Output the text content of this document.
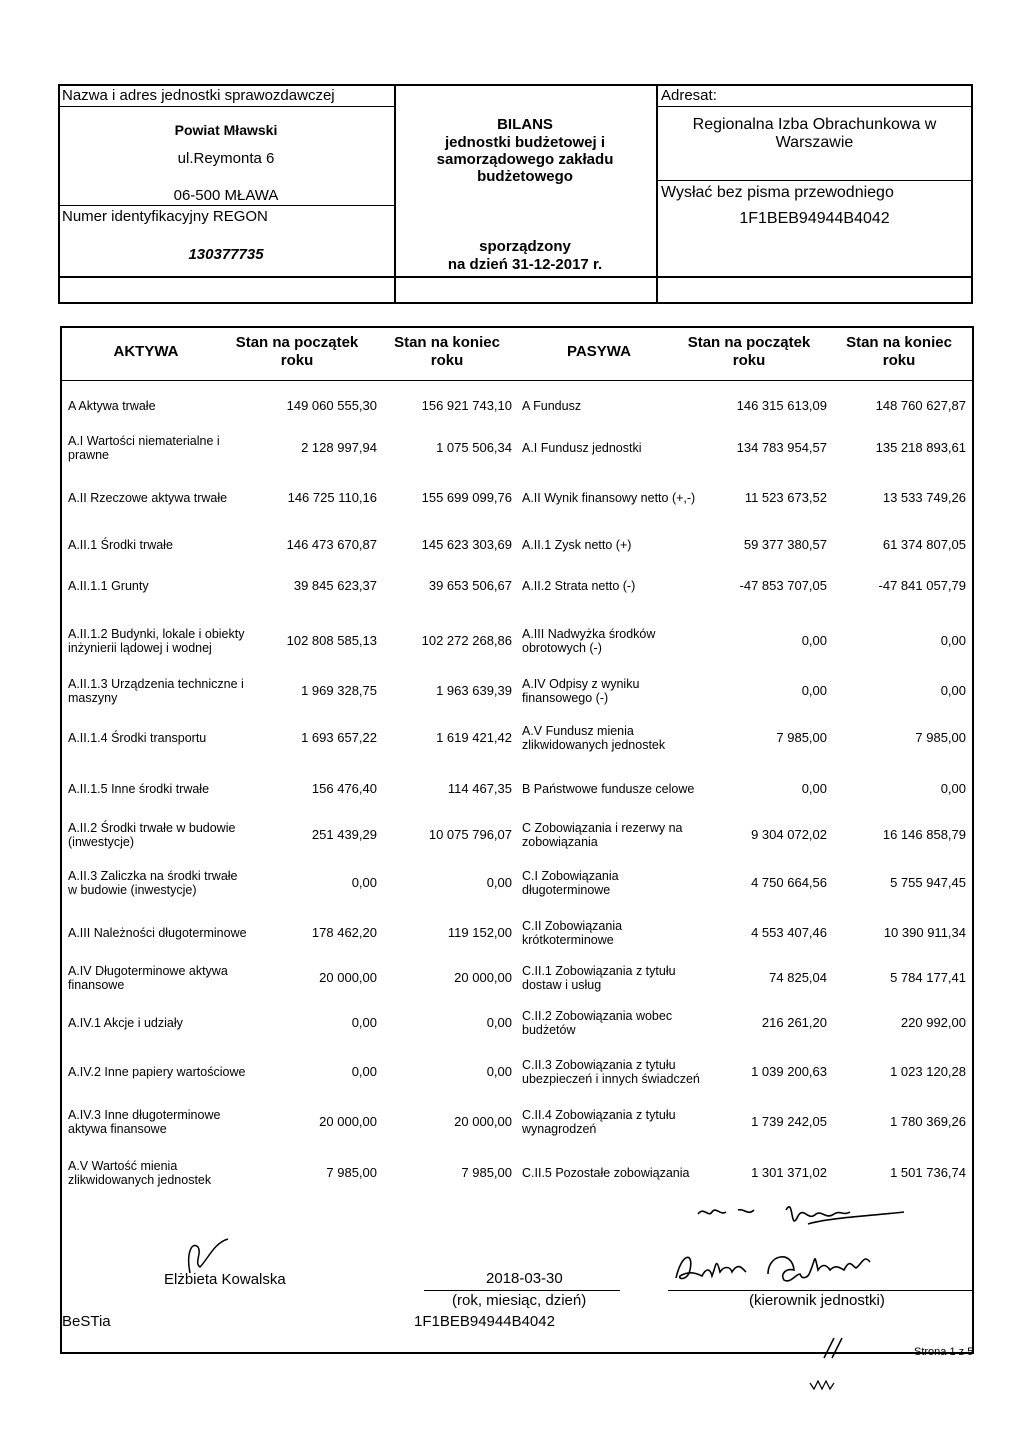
Nazwa i adres jednostki sprawozdawczej
Powiat Mławski
ul.Reymonta 6
06-500 MŁAWA
Numer identyfikacyjny REGON
130377735
BILANS
jednostki budżetowej i
samorządowego zakładu
budżetowego
sporządzony
na dzień 31-12-2017 r.
Adresat:
Regionalna Izba Obrachunkowa w
Warszawie
Wysłać bez pisma przewodniego
1F1BEB94944B4042
AKTYWA
Stan na początek
roku
Stan na koniec
roku
PASYWA
Stan na początek
roku
Stan na koniec
roku
A Aktywa trwałe	149 060 555,30	156 921 743,10 A Fundusz	146 315 613,09	148 760 627,87
A.I Wartości niematerialne i prawne	2 128 997,94	1 075 506,34 A.I Fundusz jednostki	134 783 954,57	135 218 893,61
A.II Rzeczowe aktywa trwałe	146 725 110,16	155 699 099,76 A.II Wynik finansowy netto (+,-)	11 523 673,52	13 533 749,26
A.II.1 Środki trwałe	146 473 670,87	145 623 303,69 A.II.1 Zysk netto (+)	59 377 380,57	61 374 807,05
A.II.1.1 Grunty	39 845 623,37	39 653 506,67 A.II.2 Strata netto (-)	-47 853 707,05	-47 841 057,79
A.II.1.2 Budynki, lokale i obiekty inżynierii lądowej i wodnej	102 808 585,13	102 272 268,86 A.III Nadwyżka środków obrotowych (-)	0,00	0,00
A.II.1.3 Urządzenia techniczne i maszyny	1 969 328,75	1 963 639,39 A.IV Odpisy z wyniku finansowego (-)	0,00	0,00
A.II.1.4 Środki transportu	1 693 657,22	1 619 421,42 A.V Fundusz mienia zlikwidowanych jednostek	7 985,00	7 985,00
A.II.1.5 Inne środki trwałe	156 476,40	114 467,35 B Państwowe fundusze celowe	0,00	0,00
A.II.2 Środki trwałe w budowie (inwestycje)	251 439,29	10 075 796,07 C Zobowiązania i rezerwy na zobowiązania	9 304 072,02	16 146 858,79
A.II.3 Zaliczka na środki trwałe w budowie (inwestycje)	0,00	0,00 C.I Zobowiązania długoterminowe	4 750 664,56	5 755 947,45
A.III Należności długoterminowe	178 462,20	119 152,00 C.II Zobowiązania krótkoterminowe	4 553 407,46	10 390 911,34
A.IV Długoterminowe aktywa finansowe	20 000,00	20 000,00 C.II.1 Zobowiązania z tytułu dostaw i usług	74 825,04	5 784 177,41
A.IV.1 Akcje i udziały	0,00	0,00 C.II.2 Zobowiązania wobec budżetów	216 261,20	220 992,00
A.IV.2 Inne papiery wartościowe	0,00	0,00 C.II.3 Zobowiązania z tytułu ubezpieczeń i innych świadczeń	1 039 200,63	1 023 120,28
A.IV.3 Inne długoterminowe aktywa finansowe	20 000,00	20 000,00 C.II.4 Zobowiązania z tytułu wynagrodzeń	1 739 242,05	1 780 369,26
A.V Wartość mienia zlikwidowanych jednostek	7 985,00	7 985,00 C.II.5 Pozostałe zobowiązania	1 301 371,02	1 501 736,74
Elżbieta Kowalska
BeSTia
2018-03-30
(rok, miesiąc, dzień)
1F1BEB94944B4042
(kierownik jednostki)
Strona 1 z 5
